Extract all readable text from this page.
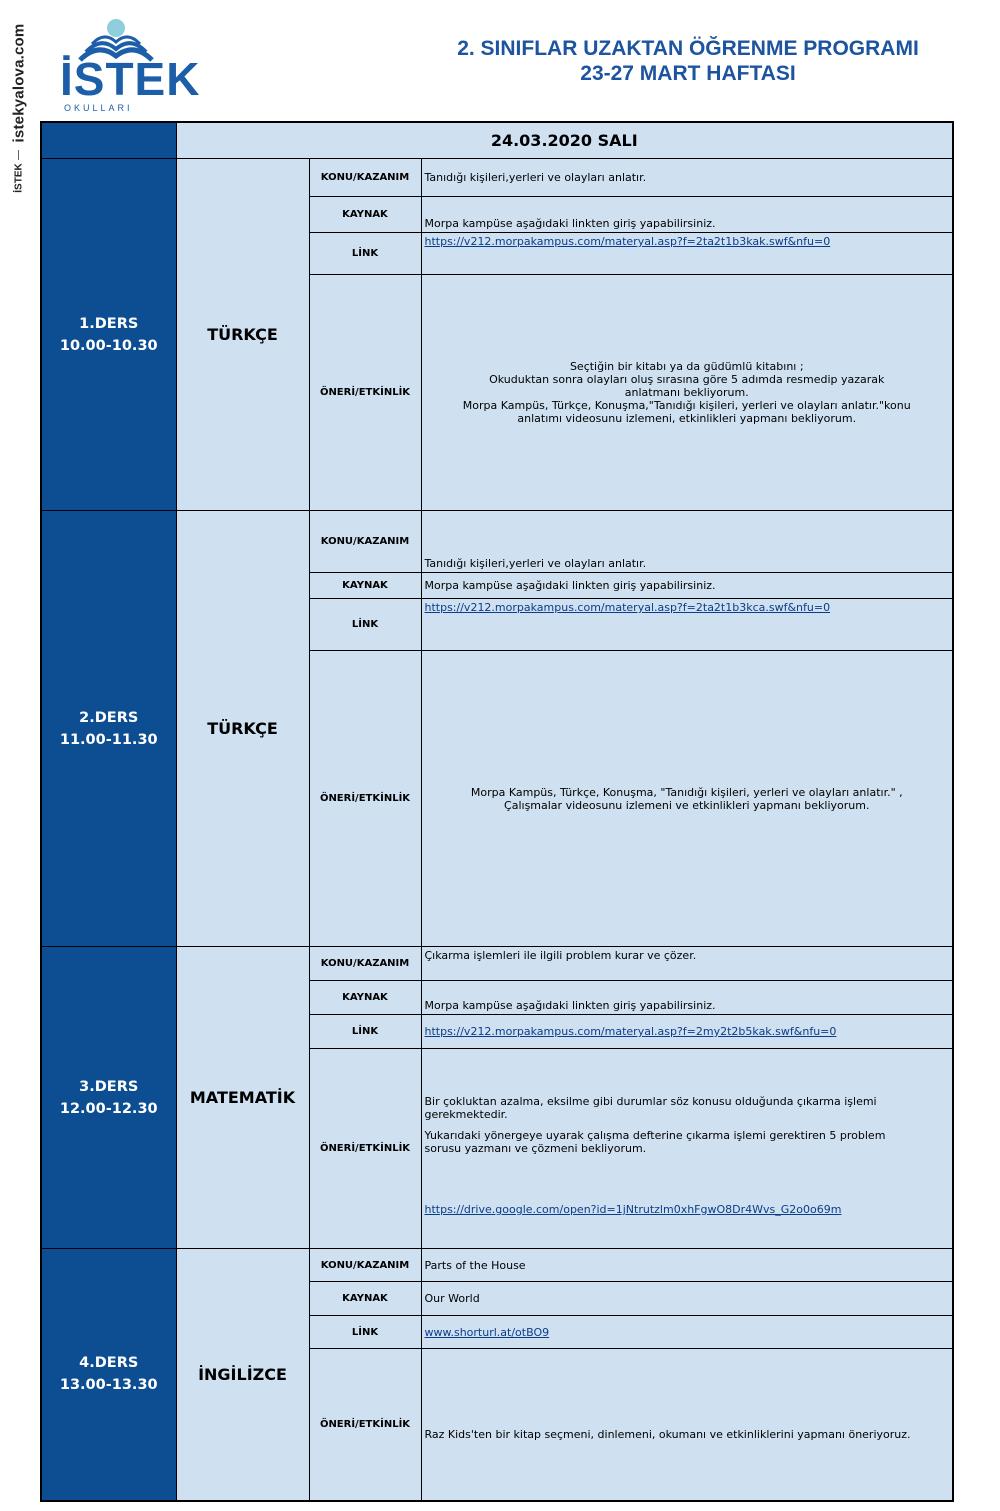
istekyalova.com
İSTEK
İSTEK
OKULLARI
2. SINIFLAR UZAKTAN ÖĞRENME PROGRAMI
23-27 MART HAFTASI
	24.03.2020 SALI		

1.DERS
10.00-10.30	TÜRKÇE	KONU/KAZANIM	Tanıdığı kişileri,yerleri ve olayları anlatır.
		KAYNAK	Morpa kampüse aşağıdaki linkten giriş yapabilirsiniz.
		LİNK	https://v212.morpakampus.com/materyal.asp?f=2ta2t1b3kak.swf&nfu=0
		ÖNERİ/ETKİNLİK	Seçtiğin bir kitabı ya da güdümlü kitabını ;
Okuduktan sonra olayları oluş sırasına göre 5 adımda resmedip yazarak anlatmanı bekliyorum.
Morpa Kampüs, Türkçe, Konuşma,"Tanıdığı kişileri, yerleri ve olayları anlatır."konu anlatımı videosunu izlemeni, etkinlikleri yapmanı bekliyorum.

2.DERS
11.00-11.30	TÜRKÇE	KONU/KAZANIM	Tanıdığı kişileri,yerleri ve olayları anlatır.
		KAYNAK	Morpa kampüse aşağıdaki linkten giriş yapabilirsiniz.
		LİNK	https://v212.morpakampus.com/materyal.asp?f=2ta2t1b3kca.swf&nfu=0
		ÖNERİ/ETKİNLİK	Morpa Kampüs, Türkçe, Konuşma, "Tanıdığı kişileri, yerleri ve olayları anlatır." ,
Çalışmalar videosunu izlemeni ve etkinlikleri yapmanı bekliyorum.

3.DERS
12.00-12.30	MATEMATİK	KONU/KAZANIM	Çıkarma işlemleri ile ilgili problem kurar ve çözer.
		KAYNAK	Morpa kampüse aşağıdaki linkten giriş yapabilirsiniz.
		LİNK	https://v212.morpakampus.com/materyal.asp?f=2my2t2b5kak.swf&nfu=0
		ÖNERİ/ETKİNLİK	Bir çokluktan azalma, eksilme gibi durumlar söz konusu olduğunda çıkarma işlemi gerekmektedir.
Yukarıdaki yönergeye uyarak çalışma defterine çıkarma işlemi gerektiren 5 problem sorusu yazmanı ve çözmeni bekliyorum.
https://drive.google.com/open?id=1jNtrutzlm0xhFgwO8Dr4Wvs_G2o0o69m

4.DERS
13.00-13.30	İNGİLİZCE	KONU/KAZANIM	Parts of the House
		KAYNAK	Our World
		LİNK	www.shorturl.at/otBO9
		ÖNERİ/ETKİNLİK	Raz Kids'ten bir kitap seçmeni, dinlemeni, okumanı ve etkinliklerini yapmanı öneriyoruz.
